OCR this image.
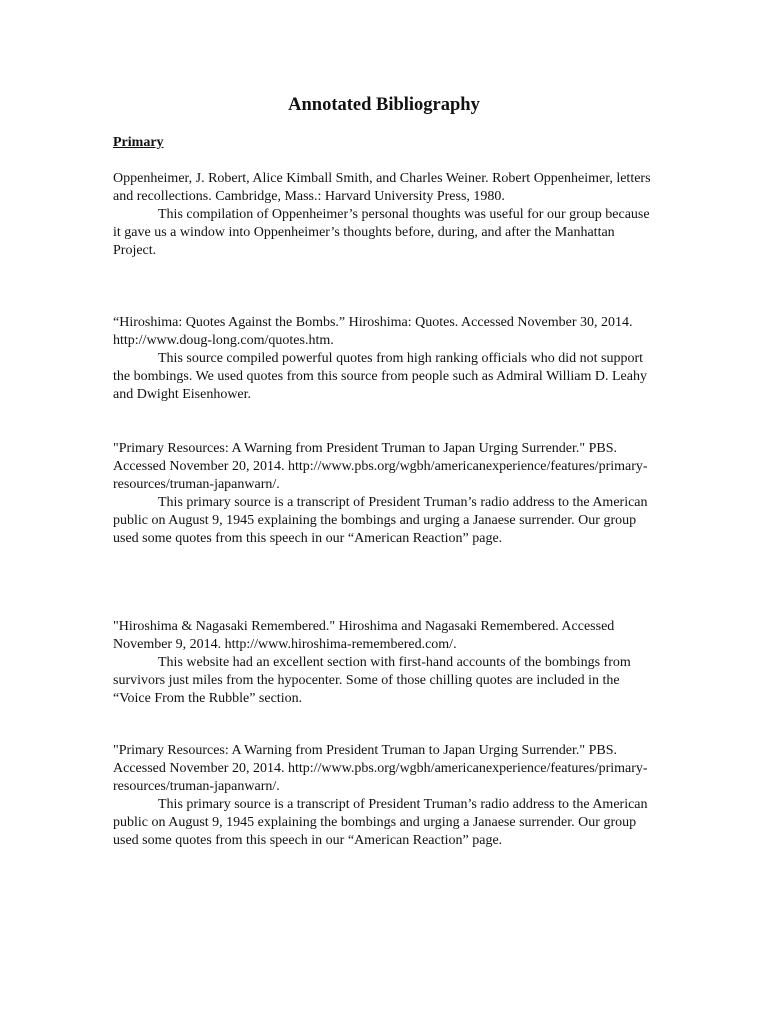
Annotated Bibliography
Primary

Oppenheimer, J. Robert, Alice Kimball Smith, and Charles Weiner. Robert Oppenheimer, letters and recollections. Cambridge, Mass.: Harvard University Press, 1980.

This compilation of Oppenheimer’s personal thoughts was useful for our group because it gave us a window into Oppenheimer’s thoughts before, during, and after the Manhattan Project.

“Hiroshima: Quotes Against the Bombs.” Hiroshima: Quotes. Accessed November 30, 2014. http://www.doug-long.com/quotes.htm.

This source compiled powerful quotes from high ranking officials who did not support the bombings. We used quotes from this source from people such as Admiral William D. Leahy and Dwight Eisenhower.

"Primary Resources: A Warning from President Truman to Japan Urging Surrender." PBS. Accessed November 20, 2014. http://www.pbs.org/wgbh/americanexperience/features/primary-resources/truman-japanwarn/.

This primary source is a transcript of President Truman’s radio address to the American public on August 9, 1945 explaining the bombings and urging a Janaese surrender. Our group used some quotes from this speech in our “American Reaction” page.

"Hiroshima & Nagasaki Remembered." Hiroshima and Nagasaki Remembered. Accessed November 9, 2014. http://www.hiroshima-remembered.com/.

This website had an excellent section with first-hand accounts of the bombings from survivors just miles from the hypocenter. Some of those chilling quotes are included in the “Voice From the Rubble” section.

"Primary Resources: A Warning from President Truman to Japan Urging Surrender." PBS. Accessed November 20, 2014. http://www.pbs.org/wgbh/americanexperience/features/primary-resources/truman-japanwarn/.

This primary source is a transcript of President Truman’s radio address to the American public on August 9, 1945 explaining the bombings and urging a Janaese surrender. Our group used some quotes from this speech in our “American Reaction” page.
